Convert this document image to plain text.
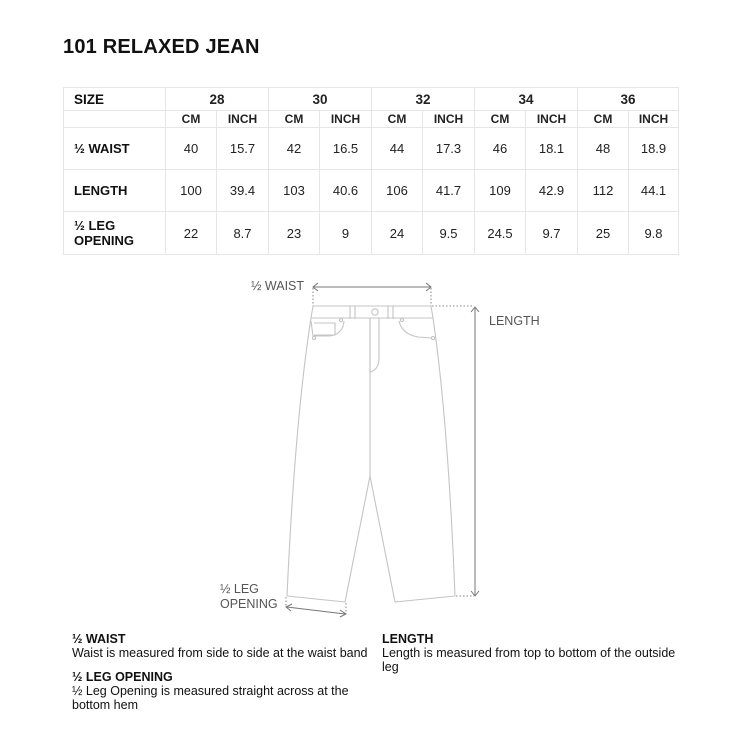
101 RELAXED JEAN
SIZE	28		30		32		34		36	
	CM	INCH	CM	INCH	CM	INCH	CM	INCH	CM	INCH
½ WAIST	40	15.7	42	16.5	44	17.3	46	18.1	48	18.9
LENGTH	100	39.4	103	40.6	106	41.7	109	42.9	112	44.1
½ LEG
OPENING	22	8.7	23	9	24	9.5	24.5	9.7	25	9.8
½ WAIST
LENGTH
½ LEG
OPENING
½ WAIST
Waist is measured from side to side at the waist band
½ LEG OPENING
½ Leg Opening is measured straight across at the bottom hem
LENGTH
Length is measured from top to bottom of the outside leg
